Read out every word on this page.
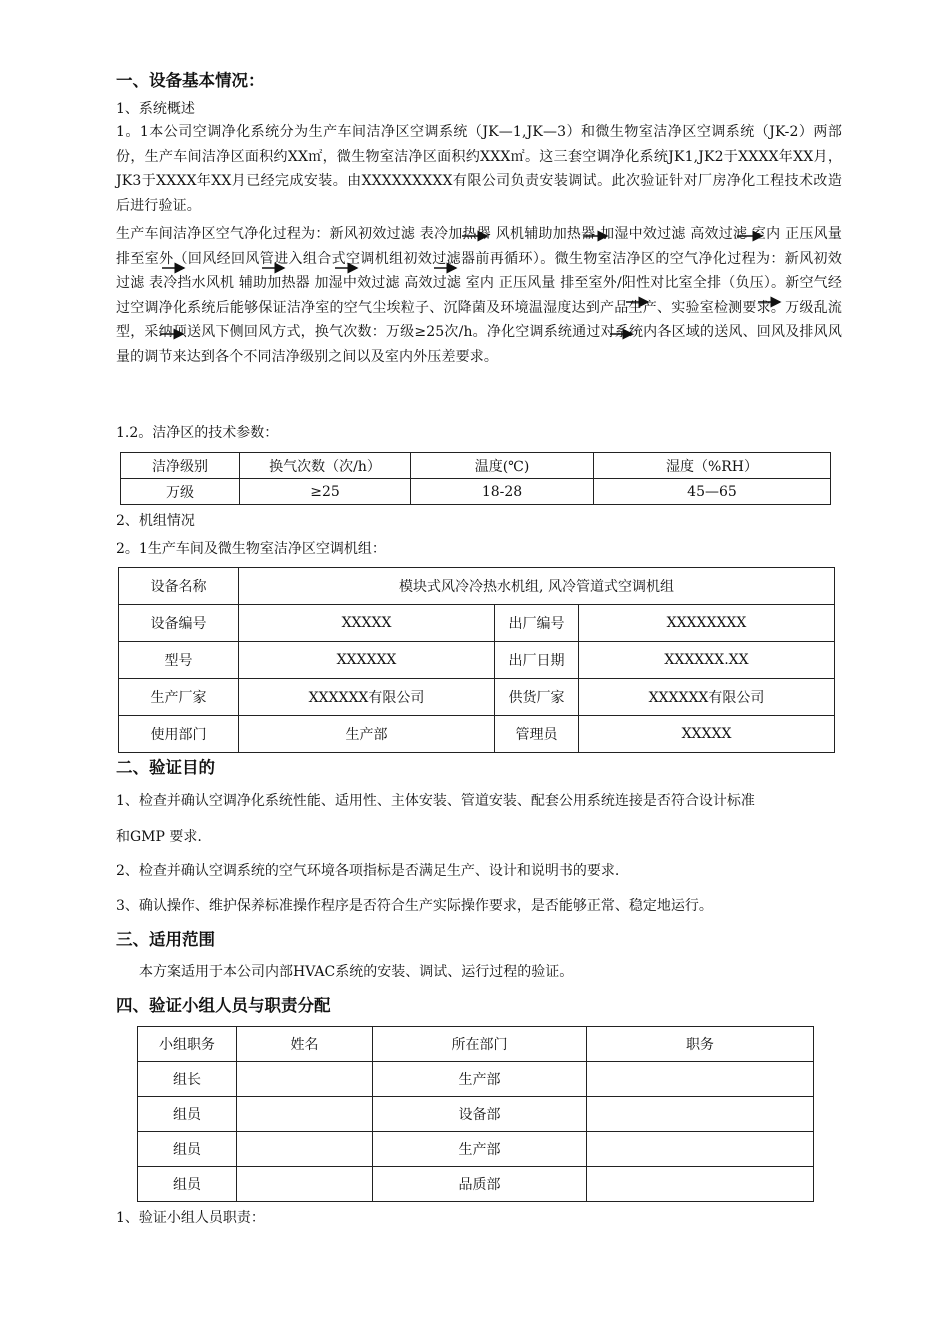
一、设备基本情况：
1、系统概述
1。1本公司空调净化系统分为生产车间洁净区空调系统（JK—1,JK—3）和微生物室洁净区空调系统（JK-2）两部份，生产车间洁净区面积约XX㎡，微生物室洁净区面积约XXX㎡。这三套空调净化系统JK1,JK2于XXXX年XX月，JK3于XXXX年XX月已经完成安装。由XXXXXXXXX有限公司负责安装调试。此次验证针对厂房净化工程技术改造后进行验证。
生产车间洁净区空气净化过程为：新风初效过滤 表冷加热器 风机辅助加热器 加湿中效过滤 高效过滤 室内 正压风量 排至室外（回风经回风管进入组合式空调机组初效过滤器前再循环）。微生物室洁净区的空气净化过程为：新风初效过滤 表冷挡水风机 辅助加热器 加湿中效过滤 高效过滤 室内 正压风量 排至室外/阳性对比室全排（负压）。新空气经过空调净化系统后能够保证洁净室的空气尘埃粒子、沉降菌及环境温湿度达到产品生产、实验室检测要求。万级乱流型，采纳顶送风下侧回风方式，换气次数：万级≥25次/h。净化空调系统通过对系统内各区域的送风、回风及排风风量的调节来达到各个不同洁净级别之间以及室内外压差要求。
1.2。洁净区的技术参数：
洁净级别	换气次数（次/h）	温度(℃)	湿度（%RH）
万级	≥25	18-28	45—65
2、机组情况
2。1生产车间及微生物室洁净区空调机组：
设备名称	模块式风冷冷热水机组, 风冷管道式空调机组		
设备编号	XXXXX	出厂编号	XXXXXXXX
型号	XXXXXX	出厂日期	XXXXXX.XX
生产厂家	XXXXXX有限公司	供货厂家	XXXXXX有限公司
使用部门	生产部	管理员	XXXXX
二、验证目的
1、检查并确认空调净化系统性能、适用性、主体安装、管道安装、配套公用系统连接是否符合设计标准
和GMP 要求.
2、检查并确认空调系统的空气环境各项指标是否满足生产、设计和说明书的要求.
3、确认操作、维护保养标准操作程序是否符合生产实际操作要求，是否能够正常、稳定地运行。
三、适用范围
本方案适用于本公司内部HVAC系统的安装、调试、运行过程的验证。
四、验证小组人员与职责分配
小组职务	姓名	所在部门	职务
组长		生产部	
组员		设备部	
组员		生产部	
组员		品质部	
1、验证小组人员职责：
